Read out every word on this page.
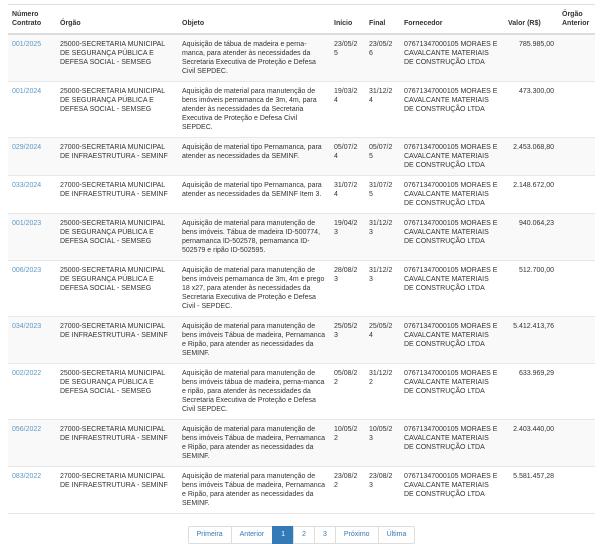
Número Contrato	Órgão	Objeto	Início	Final	Fornecedor	Valor (R$)	Órgão Anterior
001/2025	25000-SECRETARIA MUNICIPAL DE SEGURANÇA PÚBLICA E DEFESA SOCIAL - SEMSEG	Aquisição de tábua de madeira e perna-manca, para atender às necessidades da Secretaria Executiva de Proteção e Defesa Civil SEPDEC.	23/05/25	23/05/26	07671347000105 MORAES E CAVALCANTE MATERIAIS DE CONSTRUÇÃO LTDA	785.985,00	
001/2024	25000-SECRETARIA MUNICIPAL DE SEGURANÇA PÚBLICA E DEFESA SOCIAL - SEMSEG	Aquisição de material para manutenção de bens imóveis pernamanca de 3m, 4m, para atender às necessidades da Secretaria Executiva de Proteção e Defesa Civil SEPDEC.	19/03/24	31/12/24	07671347000105 MORAES E CAVALCANTE MATERIAIS DE CONSTRUÇÃO LTDA	473.300,00	
029/2024	27000-SECRETARIA MUNICIPAL DE INFRAESTRUTURA - SEMINF	Aquisição de material tipo Pernamanca, para atender as necessidades da SEMINF.	05/07/24	05/07/25	07671347000105 MORAES E CAVALCANTE MATERIAIS DE CONSTRUÇÃO LTDA	2.453.068,80	
033/2024	27000-SECRETARIA MUNICIPAL DE INFRAESTRUTURA - SEMINF	Aquisição de material tipo Pernamanca, para atender as necessidades da SEMINF Item 3.	31/07/24	31/07/25	07671347000105 MORAES E CAVALCANTE MATERIAIS DE CONSTRUÇÃO LTDA	2.148.672,00	
001/2023	25000-SECRETARIA MUNICIPAL DE SEGURANÇA PÚBLICA E DEFESA SOCIAL - SEMSEG	Aquisição de material para manutenção de bens imóveis. Tábua de madeira ID-500774, pernamanca ID-502578, pernamanca ID-502579 e ripão ID-502595.	19/04/23	31/12/23	07671347000105 MORAES E CAVALCANTE MATERIAIS DE CONSTRUÇÃO LTDA	940.064,23	
006/2023	25000-SECRETARIA MUNICIPAL DE SEGURANÇA PÚBLICA E DEFESA SOCIAL - SEMSEG	Aquisição de material para manutenção de bens imóveis pernamanca de 3m, 4m e prego 18 x27, para atender às necessidades da Secretaria Executiva de Proteção e Defesa Civil - SEPDEC.	28/08/23	31/12/23	07671347000105 MORAES E CAVALCANTE MATERIAIS DE CONSTRUÇÃO LTDA	512.700,00	
034/2023	27000-SECRETARIA MUNICIPAL DE INFRAESTRUTURA - SEMINF	Aquisição de material para manutenção de bens imóveis Tábua de madeira, Pernamanca e Ripão, para atender as necessidades da SEMINF.	25/05/23	25/05/24	07671347000105 MORAES E CAVALCANTE MATERIAIS DE CONSTRUÇÃO LTDA	5.412.413,76	
002/2022	25000-SECRETARIA MUNICIPAL DE SEGURANÇA PÚBLICA E DEFESA SOCIAL - SEMSEG	Aquisição de material para manutenção de bens imóveis tábua de madeira, perna-manca e ripão, para atender às necessidades da Secretaria Executiva de Proteção e Defesa Civil SEPDEC.	05/08/22	31/12/22	07671347000105 MORAES E CAVALCANTE MATERIAIS DE CONSTRUÇÃO LTDA	633.969,29	
056/2022	27000-SECRETARIA MUNICIPAL DE INFRAESTRUTURA - SEMINF	Aquisição de material para manutenção de bens imóveis Tábua de madeira, Pernamanca e Ripão, para atender as necessidades da SEMINF.	10/05/22	10/05/23	07671347000105 MORAES E CAVALCANTE MATERIAIS DE CONSTRUÇÃO LTDA	2.403.440,00	
083/2022	27000-SECRETARIA MUNICIPAL DE INFRAESTRUTURA - SEMINF	Aquisição de material para manutenção de bens imóveis Tábua de madeira, Pernamanca e Ripão, para atender as necessidades da SEMINF.	23/08/22	23/08/23	07671347000105 MORAES E CAVALCANTE MATERIAIS DE CONSTRUÇÃO LTDA	5.581.457,28	
Primeira	Anterior	1	2	3	Próximo	Última
